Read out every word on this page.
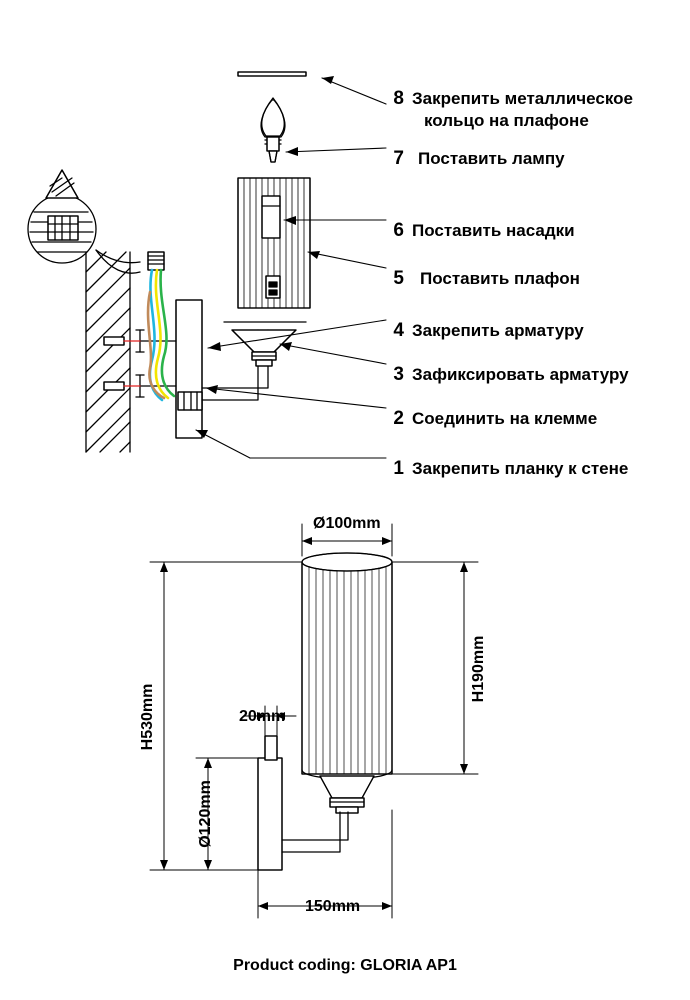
8 Закрепить металлическое
кольцо на плафоне
7 Поставить лампу
6 Поставить насадки
5 Поставить плафон
4 Закрепить арматуру
3 Зафиксировать арматуру
2 Соединить на клемме
1 Закрепить планку к стене
Ø100mm
H190mm
H530mm	20mm
Ø120mm
150mm
Product coding: GLORIA AP1
